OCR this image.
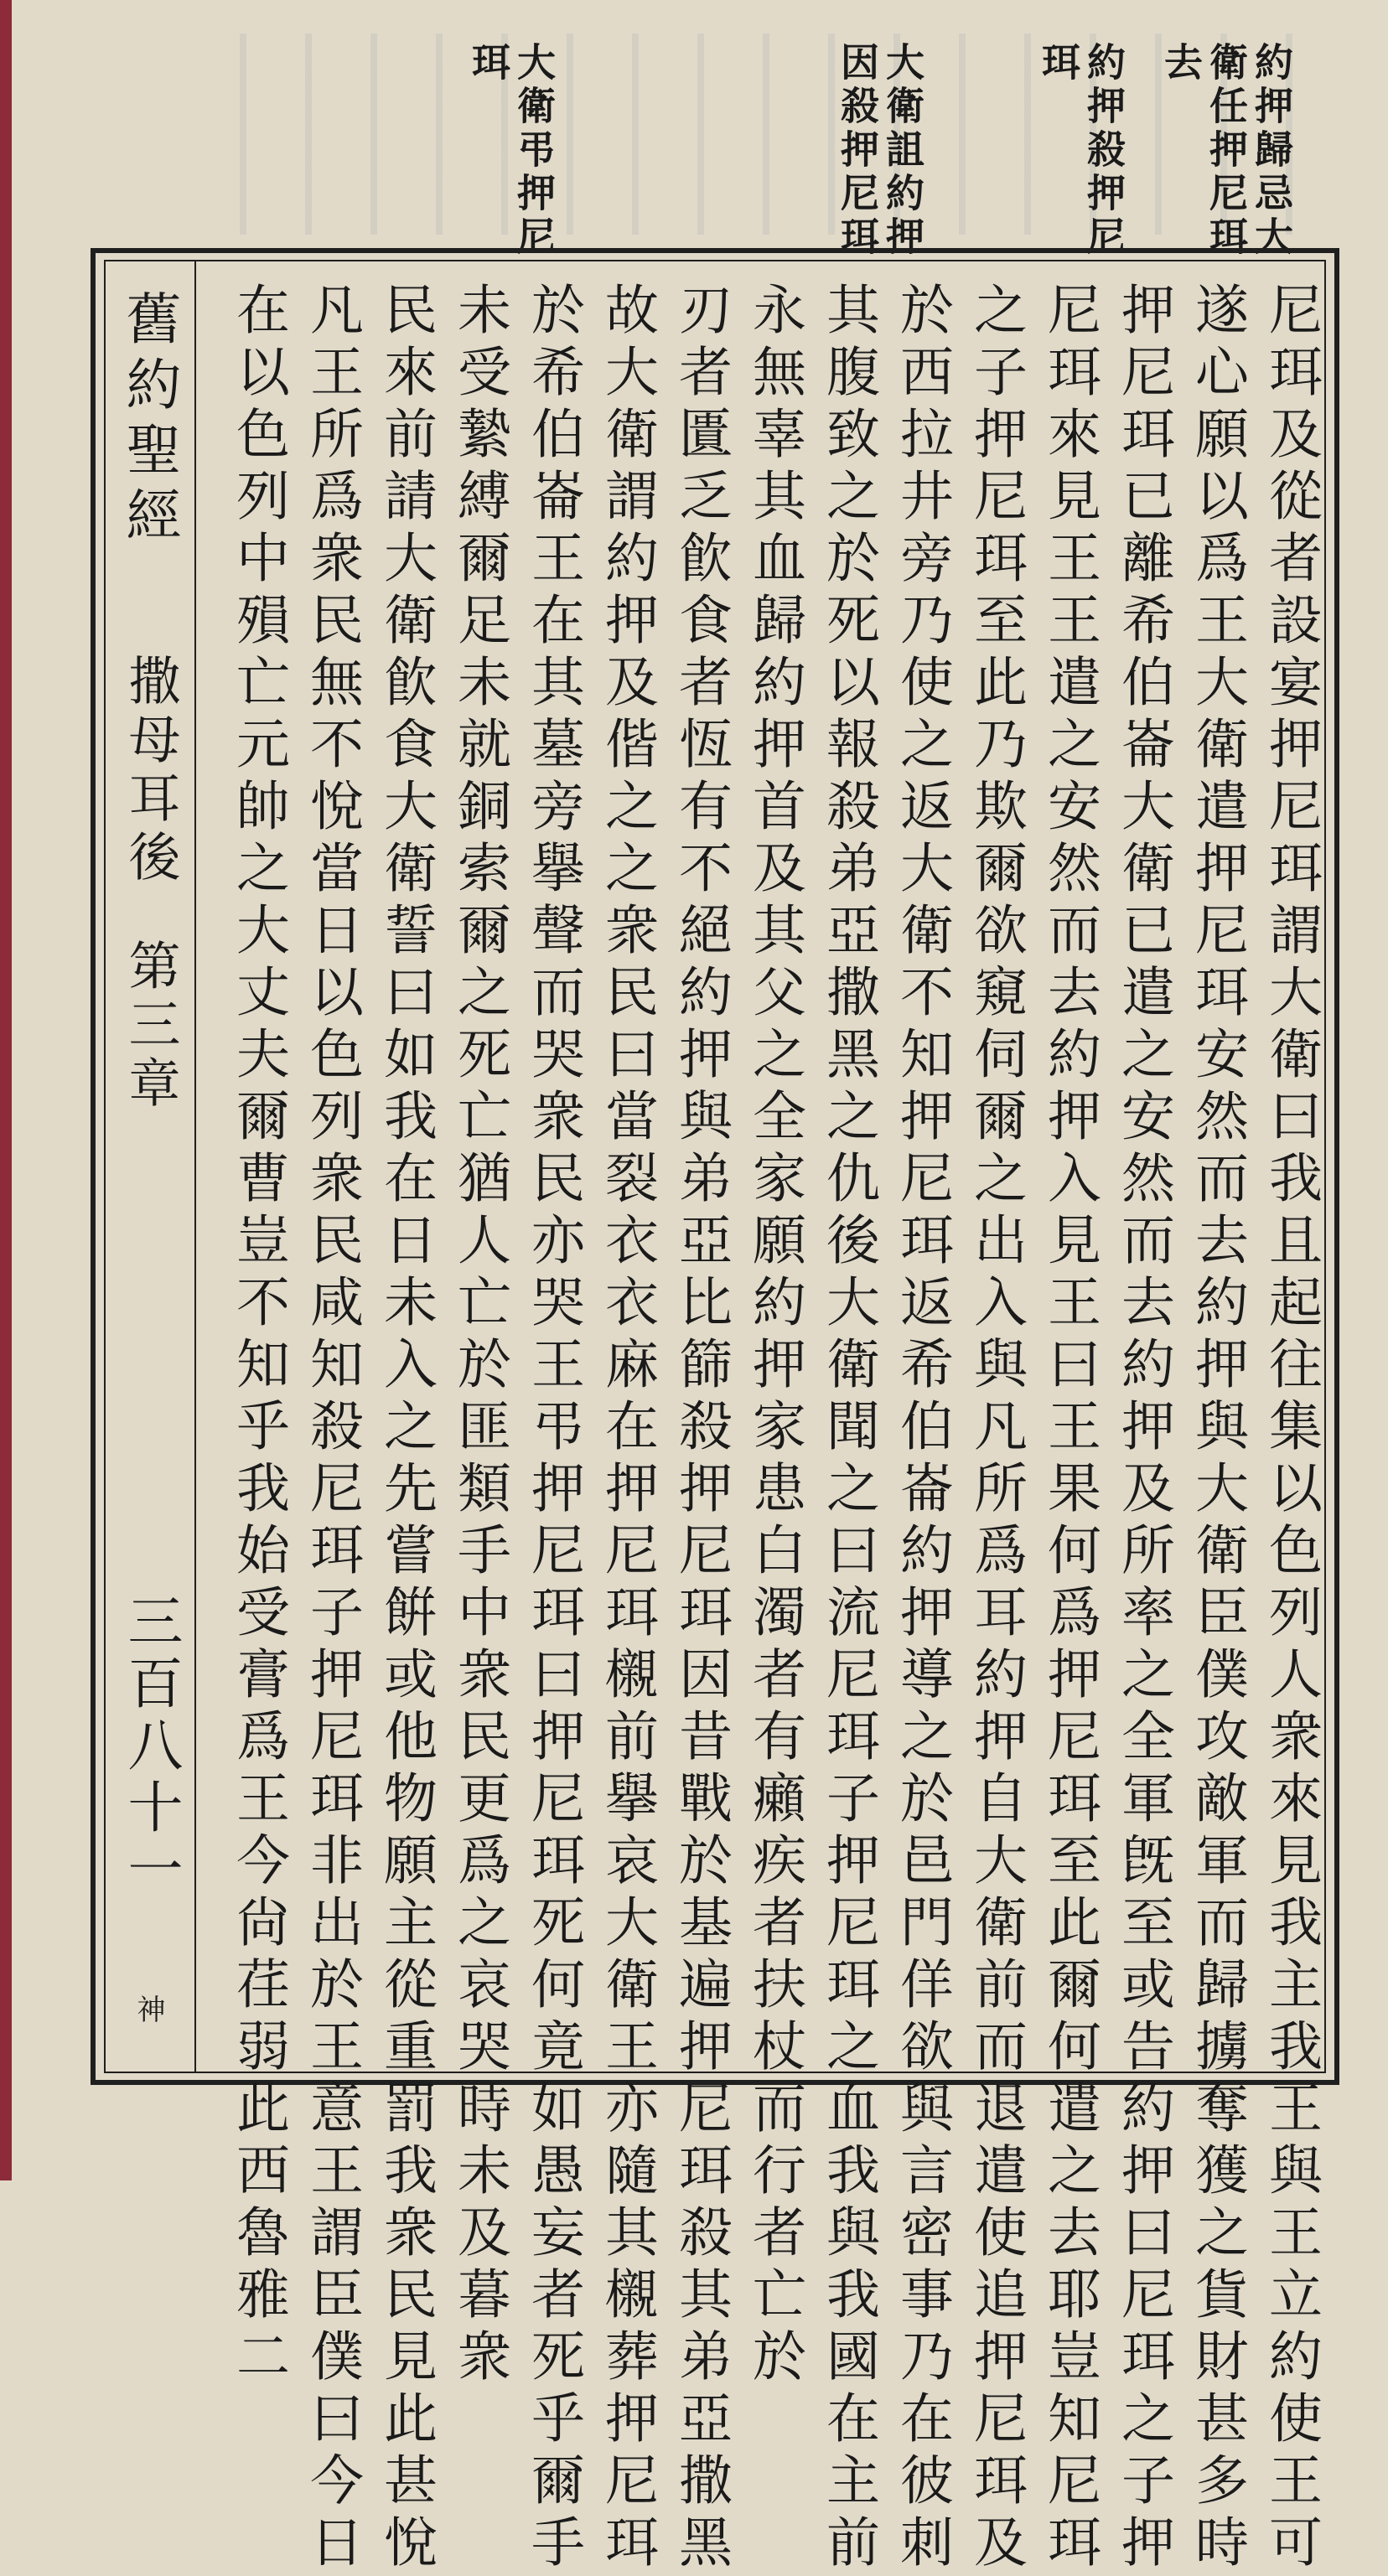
約押歸忌大
衛任押尼珥
去
約押殺押尼
珥
大衛詛約押
因殺押尼珥
大衛弔押尼
珥
尼珥及從者設宴押尼珥謂大衛曰我且起往集以色列人衆來見我主我王與王立約使王可
遂心願以爲王大衛遣押尼珥安然而去約押與大衛臣僕攻敵軍而歸擄奪獲之貨財甚多時
押尼珥已離希伯崙大衛已遣之安然而去約押及所率之全軍旣至或告約押曰尼珥之子押
尼珥來見王王遣之安然而去約押入見王曰王果何爲押尼珥至此爾何遣之去耶豈知尼珥
之子押尼珥至此乃欺爾欲窺伺爾之出入與凡所爲耳約押自大衛前而退遣使追押尼珥及
於西拉井旁乃使之返大衛不知押尼珥返希伯崙約押導之於邑門佯欲與言密事乃在彼刺
其腹致之於死以報殺弟亞撒黑之仇後大衛聞之曰流尼珥子押尼珥之血我與我國在主前
永無辜其血歸約押首及其父之全家願約押家患白濁者有癩疾者扶杖而行者亡於
刃者匱乏飮食者恆有不絕約押與弟亞比篩殺押尼珥因昔戰於基遍押尼珥殺其弟亞撒黑
故大衛謂約押及偕之之衆民曰當裂衣衣麻在押尼珥櫬前擧哀大衛王亦隨其櫬葬押尼珥
於希伯崙王在其墓旁擧聲而哭衆民亦哭王弔押尼珥曰押尼珥死何竟如愚妄者死乎爾手
未受縶縛爾足未就銅索爾之死亡猶人亡於匪類手中衆民更爲之哀哭時未及暮衆
民來前請大衛飮食大衛誓曰如我在日未入之先嘗餠或他物願主從重罰我衆民見此甚悅
凡王所爲衆民無不悅當日以色列衆民咸知殺尼珥子押尼珥非出於王意王謂臣僕曰今日
在以色列中殞亡元帥之大丈夫爾曹豈不知乎我始受膏爲王今尙荏弱此西魯雅二
舊約聖經
撒母耳後
第三章
三百八十一
神
